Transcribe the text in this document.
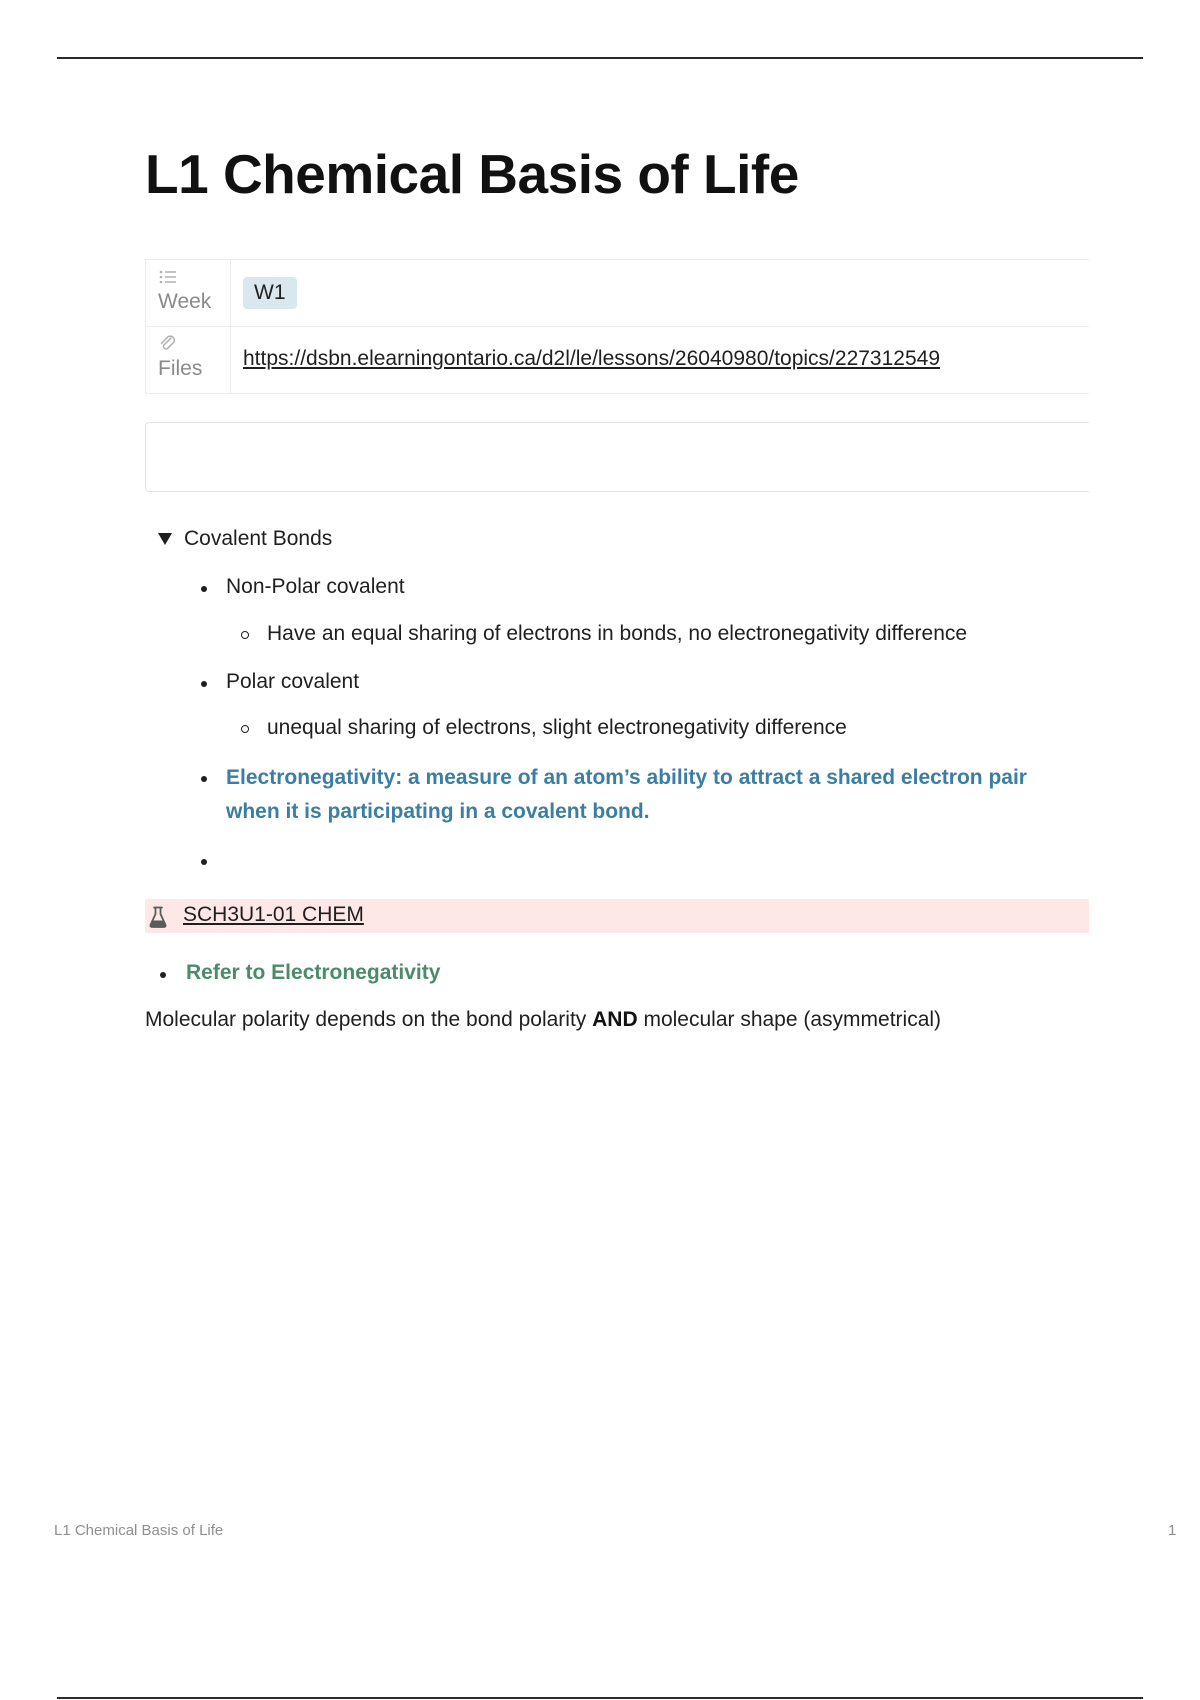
L1 Chemical Basis of Life
Week	W1
Files https://dsbn.elearningontario.ca/d2l/le/lessons/26040980/topics/227312549
Covalent Bonds
Non-Polar covalent
Have an equal sharing of electrons in bonds, no electronegativity difference
Polar covalent
unequal sharing of electrons, slight electronegativity difference
Electronegativity: a measure of an atom’s ability to attract a shared electron pair when it is participating in a covalent bond.
SCH3U1-01 CHEM
Refer to Electronegativity
Molecular polarity depends on the bond polarity AND molecular shape (asymmetrical)
L1 Chemical Basis of Life	1
